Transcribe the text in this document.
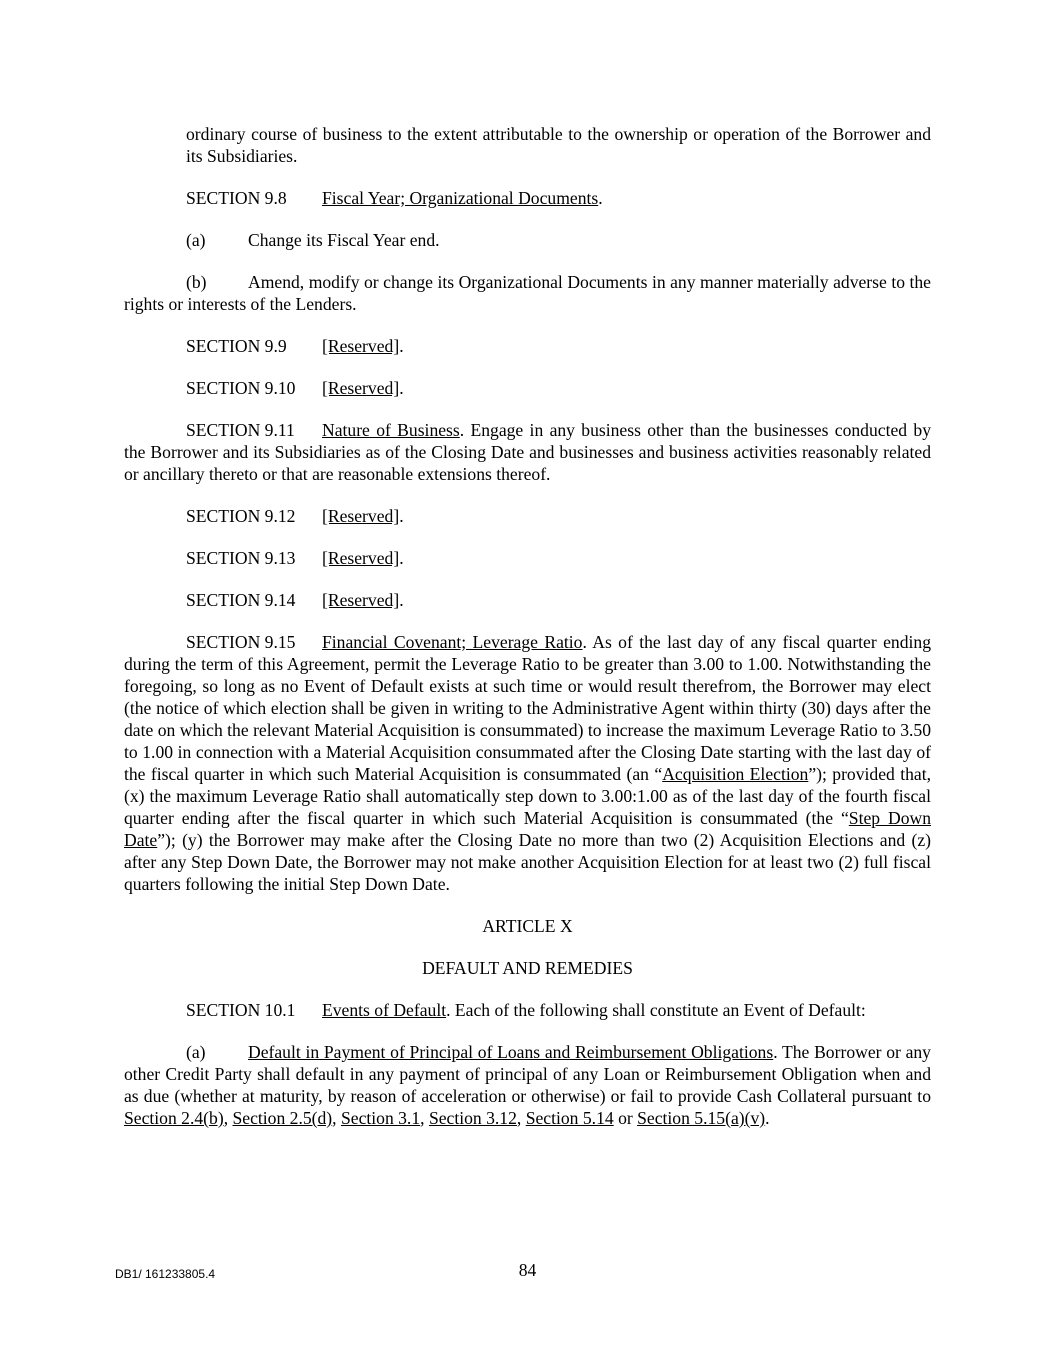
ordinary course of business to the extent attributable to the ownership or operation of the Borrower and its Subsidiaries.

SECTION 9.8 Fiscal Year; Organizational Documents.

(a) Change its Fiscal Year end.

(b) Amend, modify or change its Organizational Documents in any manner materially adverse to the rights or interests of the Lenders.

SECTION 9.9 [Reserved].

SECTION 9.10 [Reserved].

SECTION 9.11 Nature of Business. Engage in any business other than the businesses conducted by the Borrower and its Subsidiaries as of the Closing Date and businesses and business activities reasonably related or ancillary thereto or that are reasonable extensions thereof.

SECTION 9.12 [Reserved].

SECTION 9.13 [Reserved].

SECTION 9.14 [Reserved].

SECTION 9.15 Financial Covenant; Leverage Ratio. As of the last day of any fiscal quarter ending during the term of this Agreement, permit the Leverage Ratio to be greater than 3.00 to 1.00. Notwithstanding the foregoing, so long as no Event of Default exists at such time or would result therefrom, the Borrower may elect (the notice of which election shall be given in writing to the Administrative Agent within thirty (30) days after the date on which the relevant Material Acquisition is consummated) to increase the maximum Leverage Ratio to 3.50 to 1.00 in connection with a Material Acquisition consummated after the Closing Date starting with the last day of the fiscal quarter in which such Material Acquisition is consummated (an “Acquisition Election”); provided that, (x) the maximum Leverage Ratio shall automatically step down to 3.00:1.00 as of the last day of the fourth fiscal quarter ending after the fiscal quarter in which such Material Acquisition is consummated (the “Step Down Date”); (y) the Borrower may make after the Closing Date no more than two (2) Acquisition Elections and (z) after any Step Down Date, the Borrower may not make another Acquisition Election for at least two (2) full fiscal quarters following the initial Step Down Date.

ARTICLE X

DEFAULT AND REMEDIES

SECTION 10.1 Events of Default. Each of the following shall constitute an Event of Default:

(a) Default in Payment of Principal of Loans and Reimbursement Obligations. The Borrower or any other Credit Party shall default in any payment of principal of any Loan or Reimbursement Obligation when and as due (whether at maturity, by reason of acceleration or otherwise) or fail to provide Cash Collateral pursuant to Section 2.4(b), Section 2.5(d), Section 3.1, Section 3.12, Section 5.14 or Section 5.15(a)(v).

DB1/ 161233805.4	84
